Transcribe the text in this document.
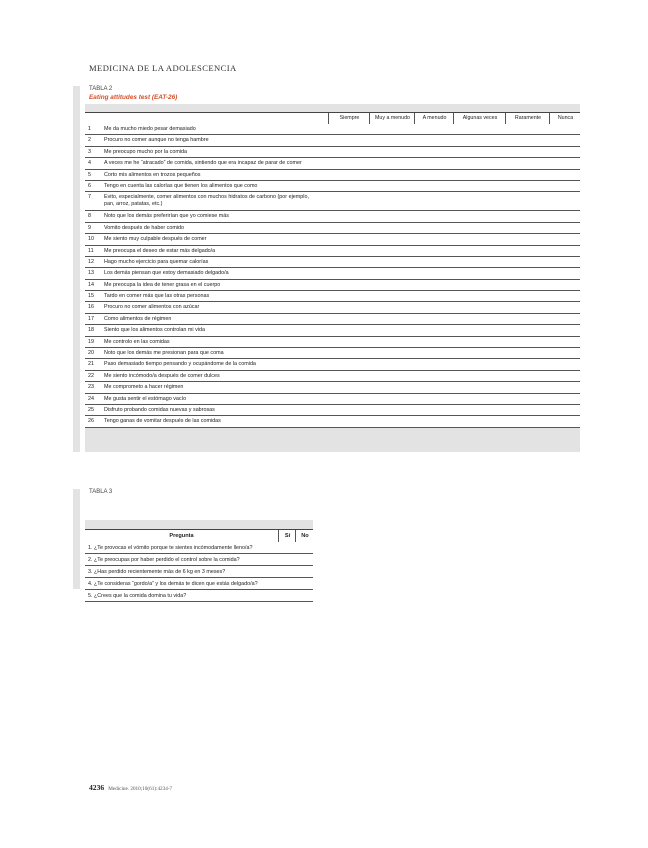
MEDICINA DE LA ADOLESCENCIA
TABLA 2
Eating attitudes test (EAT-26)
Siempre	Muy a menudo	A menudo	Algunas veces	Raramente	Nunca
1 Me da mucho miedo pesar demasiado
2 Procuro no comer aunque no tenga hambre
3 Me preocupo mucho por la comida
4 A veces me he “atracado” de comida, sintiendo que era incapaz de parar de comer
5 Corto mis alimentos en trozos pequeños
6 Tengo en cuenta las calorías que tienen los alimentos que como
7 Evito, especialmente, comer alimentos con muchos hidratos de carbono (por ejemplo, pan, arroz, patatas, etc.)
8 Noto que los demás preferirían que yo comiese más
9 Vomito después de haber comido
10 Me siento muy culpable después de comer
11 Me preocupa el deseo de estar más delgado/a
12 Hago mucho ejercicio para quemar calorías
13 Los demás piensan que estoy demasiado delgado/a
14 Me preocupa la idea de tener grasa en el cuerpo
15 Tardo en comer más que las otras personas
16 Procuro no comer alimentos con azúcar
17 Como alimentos de régimen
18 Siento que los alimentos controlan mi vida
19 Me controlo en las comidas
20 Noto que los demás me presionan para que coma
21 Paso demasiado tiempo pensando y ocupándome de la comida
22 Me siento incómodo/a después de comer dulces
23 Me comprometo a hacer régimen
24 Me gusta sentir el estómago vacío
25 Disfruto probando comidas nuevas y sabrosas
26 Tengo ganas de vomitar después de las comidas
TABLA 3
Pregunta	Sí	No
1. ¿Te provocas el vómito porque te sientes incómodamente lleno/a?
2. ¿Te preocupas por haber perdido el control sobre la comida?
3. ¿Has perdido recientemente más de 6 kg en 3 meses?
4. ¿Te consideras “gordo/a” y los demás te dicen que estás delgado/a?
5. ¿Crees que la comida domina tu vida?
4236 Medicine. 2010;10(61):4234-7
